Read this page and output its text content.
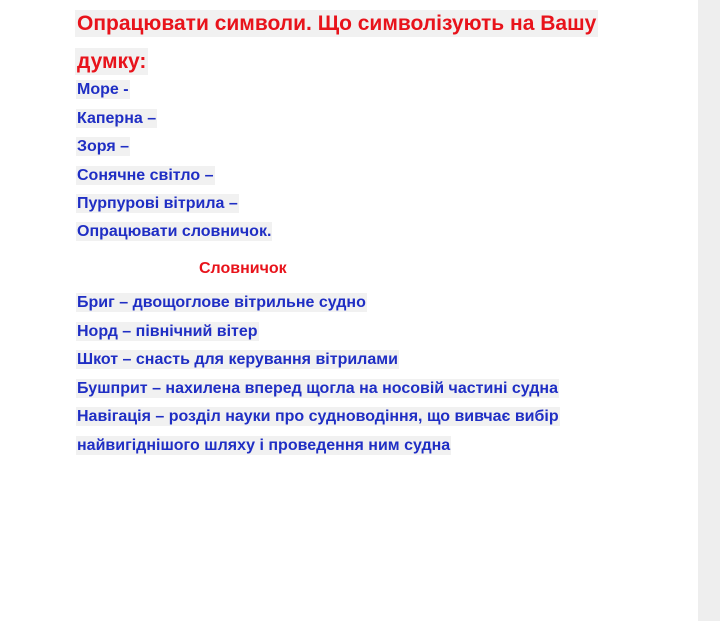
Опрацювати символи. Що символізують на Вашу думку:

Море -
Каперна –
Зоря –
Сонячне світло –
Пурпурові вітрила –
Опрацювати словничок.
Словничок
Бриг – двощоглове вітрильне судно
Норд – північний вітер
Шкот – снасть для керування вітрилами
Бушприт – нахилена вперед щогла на носовій частині судна
Навігація – розділ науки про судноводіння, що вивчає вибір
найвигіднішого шляху і проведення ним судна
